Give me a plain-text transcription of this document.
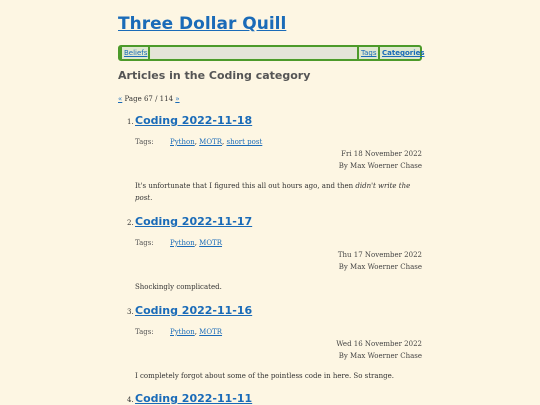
Three Dollar Quill
Beliefs	Tags Categories
Articles in the Coding category
« Page 67 / 114 »
1. Coding 2022-11-18
Tags: Python, MOTR, short post
Fri 18 November 2022
By Max Woerner Chase
It's unfortunate that I figured this all out hours ago, and then didn't write the post.
2. Coding 2022-11-17
Tags: Python, MOTR
Thu 17 November 2022
By Max Woerner Chase
Shockingly complicated.
3. Coding 2022-11-16
Tags: Python, MOTR
Wed 16 November 2022
By Max Woerner Chase
I completely forgot about some of the pointless code in here. So strange.
4. Coding 2022-11-11
